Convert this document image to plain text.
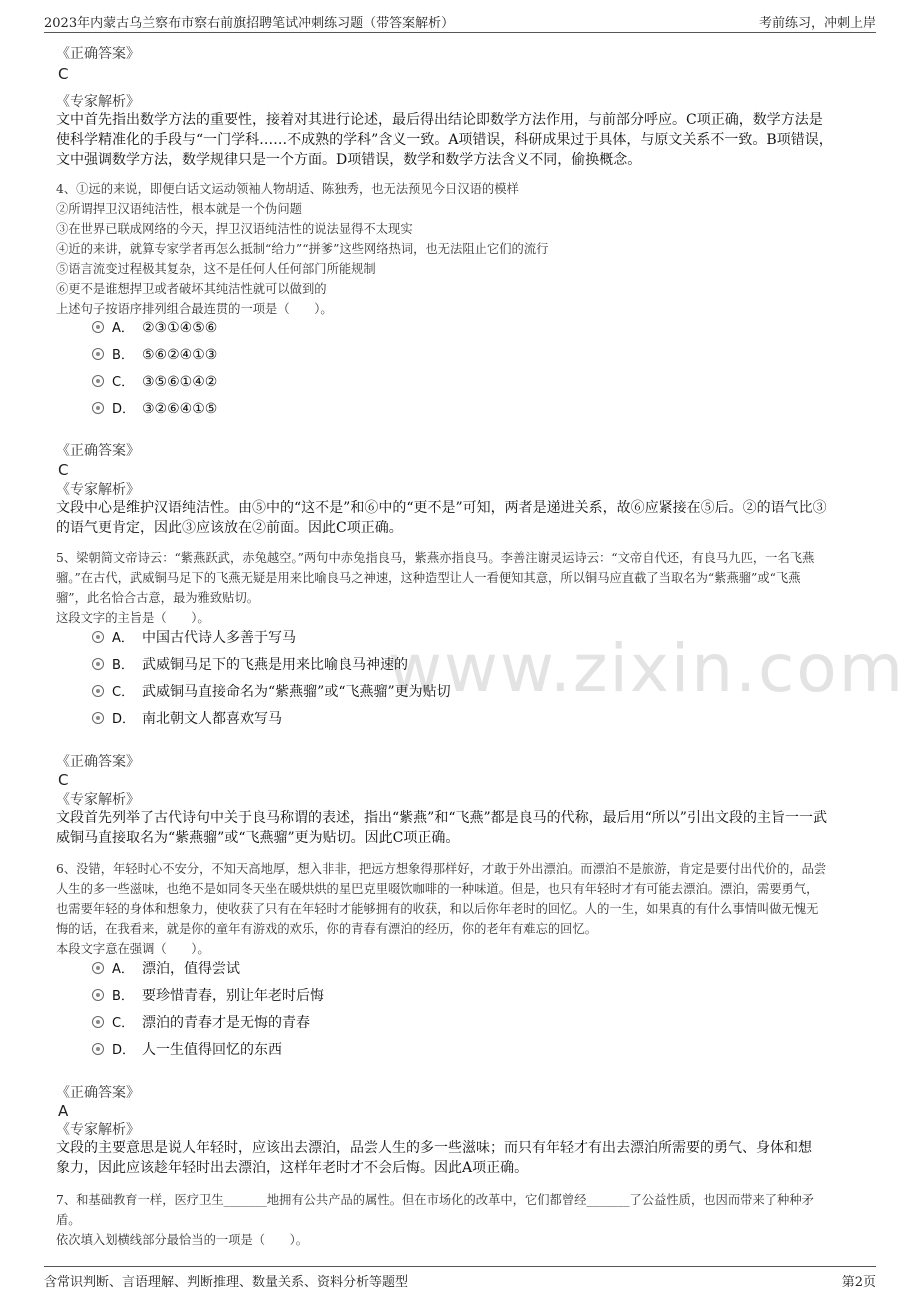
2023年内蒙古乌兰察布市察右前旗招聘笔试冲刺练习题（带答案解析）	考前练习，冲刺上岸
www.zixin.com
《正确答案》
C
《专家解析》
文中首先指出数学方法的重要性，接着对其进行论述，最后得出结论即数学方法作用，与前部分呼应。C项正确，数学方法是
使科学精准化的手段与“一门学科……不成熟的学科”含义一致。A项错误，科研成果过于具体，与原文关系不一致。B项错误，
文中强调数学方法，数学规律只是一个方面。D项错误，数学和数学方法含义不同，偷换概念。
4、①远的来说，即便白话文运动领袖人物胡适、陈独秀，也无法预见今日汉语的模样
②所谓捍卫汉语纯洁性，根本就是一个伪问题
③在世界已联成网络的今天，捍卫汉语纯洁性的说法显得不太现实
④近的来讲，就算专家学者再怎么抵制“给力”“拼爹”这些网络热词，也无法阻止它们的流行
⑤语言流变过程极其复杂，这不是任何人任何部门所能规制
⑥更不是谁想捍卫或者破坏其纯洁性就可以做到的
上述句子按语序排列组合最连贯的一项是（　　）。
A． ②③①④⑤⑥
B． ⑤⑥②④①③
C． ③⑤⑥①④②
D． ③②⑥④①⑤
《正确答案》
C
《专家解析》
文段中心是维护汉语纯洁性。由⑤中的“这不是”和⑥中的“更不是”可知，两者是递进关系，故⑥应紧接在⑤后。②的语气比③
的语气更肯定，因此③应该放在②前面。因此C项正确。
5、梁朝简文帝诗云：“紫燕跃武，赤兔越空。”两句中赤兔指良马，紫燕亦指良马。李善注谢灵运诗云：“文帝自代还，有良马九匹，一名飞燕
骝。”在古代，武威铜马足下的飞燕无疑是用来比喻良马之神速，这种造型让人一看便知其意，所以铜马应直截了当取名为“紫燕骝”或“飞燕
骝”，此名恰合古意，最为雅致贴切。
这段文字的主旨是（　　）。
A． 中国古代诗人多善于写马
B． 武威铜马足下的飞燕是用来比喻良马神速的
C． 武威铜马直接命名为“紫燕骝”或“飞燕骝”更为贴切
D． 南北朝文人都喜欢写马
《正确答案》
C
《专家解析》
文段首先列举了古代诗句中关于良马称谓的表述，指出“紫燕”和“飞燕”都是良马的代称，最后用“所以”引出文段的主旨一一武
威铜马直接取名为“紫燕骝”或“飞燕骝”更为贴切。因此C项正确。
6、没错，年轻时心不安分，不知天高地厚，想入非非，把远方想象得那样好，才敢于外出漂泊。而漂泊不是旅游，肯定是要付出代价的，品尝
人生的多一些滋味，也绝不是如同冬天坐在暖烘烘的星巴克里啜饮咖啡的一种味道。但是，也只有年轻时才有可能去漂泊。漂泊，需要勇气，
也需要年轻的身体和想象力，使收获了只有在年轻时才能够拥有的收获，和以后你年老时的回忆。人的一生，如果真的有什么事情叫做无愧无
悔的话，在我看来，就是你的童年有游戏的欢乐，你的青春有漂泊的经历，你的老年有难忘的回忆。
本段文字意在强调（　　）。
A． 漂泊，值得尝试
B． 要珍惜青春，别让年老时后悔
C． 漂泊的青春才是无悔的青春
D． 人一生值得回忆的东西
《正确答案》
A
《专家解析》
文段的主要意思是说人年轻时，应该出去漂泊，品尝人生的多一些滋味；而只有年轻才有出去漂泊所需要的勇气、身体和想
象力，因此应该趁年轻时出去漂泊，这样年老时才不会后悔。因此A项正确。
7、和基础教育一样，医疗卫生_______地拥有公共产品的属性。但在市场化的改革中，它们都曾经_______了公益性质，也因而带来了种种矛
盾。
依次填入划横线部分最恰当的一项是（　　）。
含常识判断、言语理解、判断推理、数量关系、资料分析等题型	第2页
